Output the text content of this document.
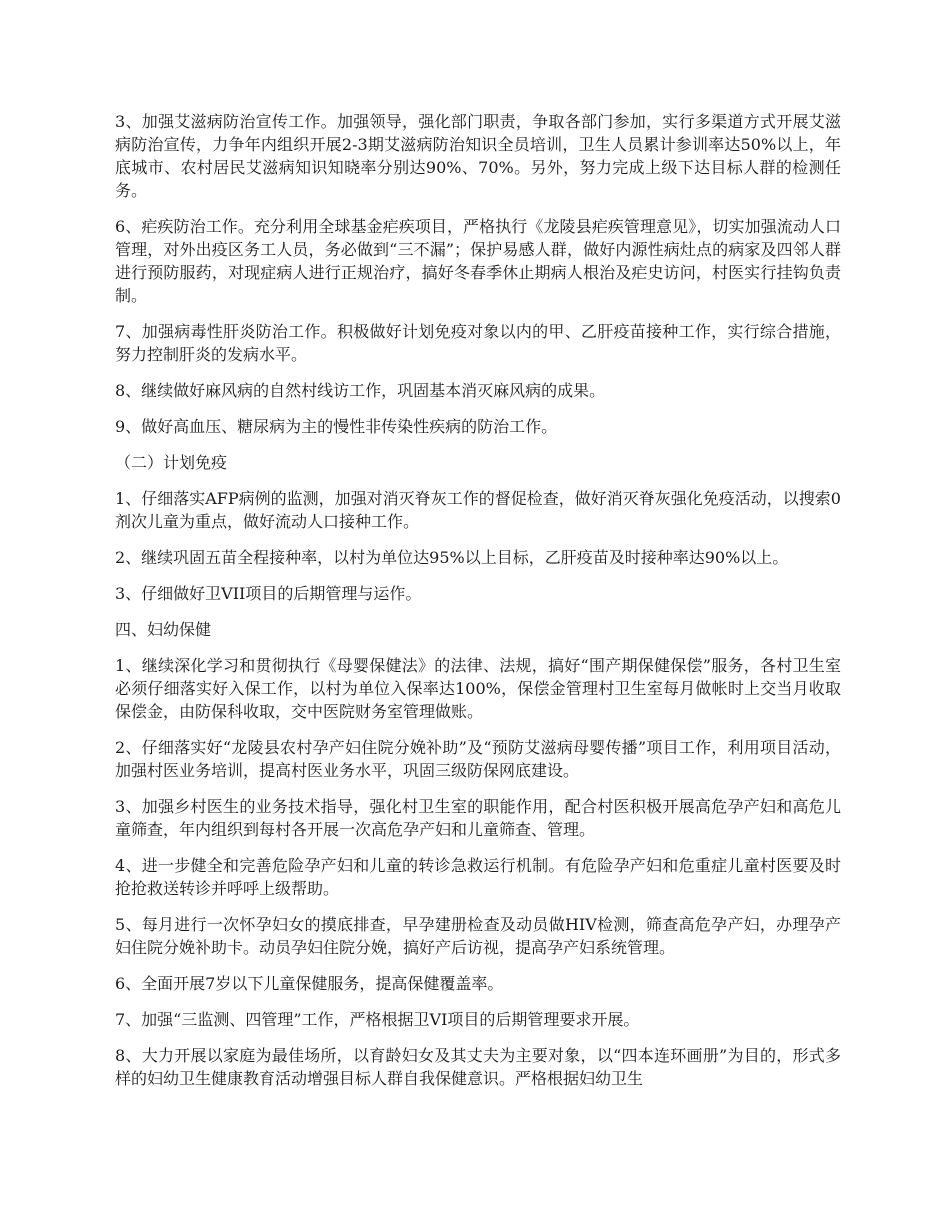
3、加强艾滋病防治宣传工作。加强领导，强化部门职责，争取各部门参加，实行多渠道方式开展艾滋病防治宣传，力争年内组织开展2-3期艾滋病防治知识全员培训，卫生人员累计参训率达50%以上，年底城市、农村居民艾滋病知识知晓率分别达90%、70%。另外，努力完成上级下达目标人群的检测任务。

6、疟疾防治工作。充分利用全球基金疟疾项目，严格执行《龙陵县疟疾管理意见》，切实加强流动人口管理，对外出疫区务工人员，务必做到“三不漏”；保护易感人群，做好内源性病灶点的病家及四邻人群进行预防服药，对现症病人进行正规治疗，搞好冬春季休止期病人根治及疟史访问，村医实行挂钩负责制。

7、加强病毒性肝炎防治工作。积极做好计划免疫对象以内的甲、乙肝疫苗接种工作，实行综合措施，努力控制肝炎的发病水平。

8、继续做好麻风病的自然村线访工作，巩固基本消灭麻风病的成果。

9、做好高血压、糖尿病为主的慢性非传染性疾病的防治工作。

（二）计划免疫

1、仔细落实AFP病例的监测，加强对消灭脊灰工作的督促检查，做好消灭脊灰强化免疫活动，以搜索0剂次儿童为重点，做好流动人口接种工作。

2、继续巩固五苗全程接种率，以村为单位达95%以上目标，乙肝疫苗及时接种率达90%以上。

3、仔细做好卫VII项目的后期管理与运作。

四、妇幼保健

1、继续深化学习和贯彻执行《母婴保健法》的法律、法规，搞好“围产期保健保偿”服务，各村卫生室必须仔细落实好入保工作，以村为单位入保率达100%，保偿金管理村卫生室每月做帐时上交当月收取保偿金，由防保科收取，交中医院财务室管理做账。

2、仔细落实好“龙陵县农村孕产妇住院分娩补助”及“预防艾滋病母婴传播”项目工作，利用项目活动，加强村医业务培训，提高村医业务水平，巩固三级防保网底建设。

3、加强乡村医生的业务技术指导，强化村卫生室的职能作用，配合村医积极开展高危孕产妇和高危儿童筛查，年内组织到每村各开展一次高危孕产妇和儿童筛查、管理。

4、进一步健全和完善危险孕产妇和儿童的转诊急救运行机制。有危险孕产妇和危重症儿童村医要及时抢抢救送转诊并呼呼上级帮助。

5、每月进行一次怀孕妇女的摸底排查，早孕建册检查及动员做HIV检测，筛查高危孕产妇，办理孕产妇住院分娩补助卡。动员孕妇住院分娩，搞好产后访视，提高孕产妇系统管理。

6、全面开展7岁以下儿童保健服务，提高保健覆盖率。

7、加强“三监测、四管理”工作，严格根据卫VI项目的后期管理要求开展。

8、大力开展以家庭为最佳场所，以育龄妇女及其丈夫为主要对象，以“四本连环画册”为目的，形式多样的妇幼卫生健康教育活动增强目标人群自我保健意识。严格根据妇幼卫生
